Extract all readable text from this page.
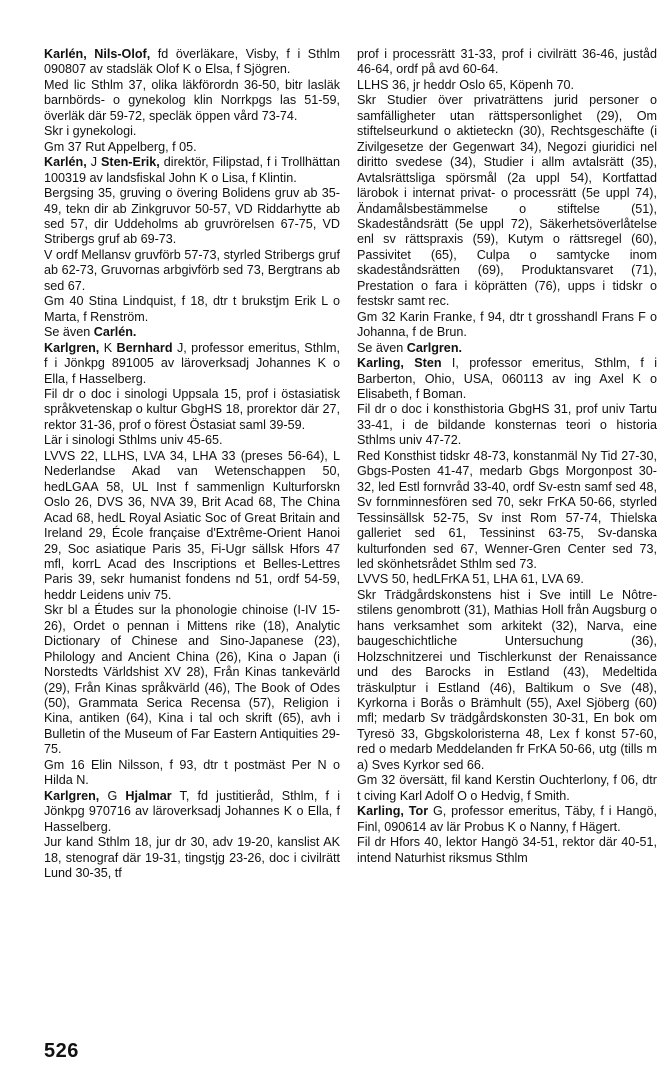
Karlén, Nils-Olof, fd överläkare, Visby, f i Sthlm 090807 av stadsläk Olof K o Elsa, f Sjögren.

Med lic Sthlm 37, olika läkförordn 36-50, bitr lasläk barnbörds- o gynekolog klin Norrkpgs las 51-59, överläk där 59-72, specläk öppen vård 73-74.

Skr i gynekologi.

Gm 37 Rut Appelberg, f 05.

Karlén, J Sten-Erik, direktör, Filipstad, f i Trollhättan 100319 av landsfiskal John K o Lisa, f Klintin.

Bergsing 35, gruving o övering Bolidens gruv ab 35-49, tekn dir ab Zinkgruvor 50-57, VD Riddarhyttе ab sed 57, dir Uddeholms ab gruvrörelsen 67-75, VD Stribergs gruf ab 69-73.

V ordf Mellansv gruvförb 57-73, styrled Stribergs gruf ab 62-73, Gruvornas arbgivförb sed 73, Bergtrans ab sed 67.

Gm 40 Stina Lindquist, f 18, dtr t brukstjm Erik L o Marta, f Renström.

Se även Carlén.

Karlgren, K Bernhard J, professor emeritus, Sthlm, f i Jönkpg 891005 av läroverksadj Johannes K o Ella, f Hasselberg.

Fil dr o doc i sinologi Uppsala 15, prof i östasiatisk språkvetenskap o kultur GbgHS 18, prorektor där 27, rektor 31-36, prof o förest Östasiat saml 39-59.

Lär i sinologi Sthlms univ 45-65.

LVVS 22, LLHS, LVA 34, LHA 33 (preses 56-64), L Nederlandse Akad van Wetenschappen 50, hedLGAA 58, UL Inst f sammenlign Kulturforskn Oslo 26, DVS 36, NVA 39, Brit Acad 68, The China Acad 68, hedL Royal Asiatic Soc of Great Britain and Ireland 29, École française d'Extrême-Orient Hanoi 29, Soc asiatique Paris 35, Fi-Ugr sällsk Hfors 47 mfl, korrL Acad des Inscriptions et Belles-Lettres Paris 39, sekr humanist fondens nd 51, ordf 54-59, heddr Leidens univ 75.

Skr bl a Études sur la phonologie chinoise (I-IV 15-26), Ordet o pennan i Mittens rike (18), Analytic Dictionary of Chinese and Sino-Japanese (23), Philology and Ancient China (26), Kina o Japan (i Norstedts Världshist XV 28), Från Kinas tankevärld (29), Från Kinas språkvärld (46), The Book of Odes (50), Grammata Serica Recensa (57), Religion i Kina, antiken (64), Kina i tal och skrift (65), avh i Bulletin of the Museum of Far Eastern Antiquities 29-75.

Gm 16 Elin Nilsson, f 93, dtr t postmäst Per N o Hilda N.

Karlgren, G Hjalmar T, fd justitieråd, Sthlm, f i Jönkpg 970716 av läroverksadj Johannes K o Ella, f Hasselberg.

Jur kand Sthlm 18, jur dr 30, adv 19-20, kanslist AK 18, stenograf där 19-31, tingstjg 23-26, doc i civilrätt Lund 30-35, tf

prof i processrätt 31-33, prof i civilrätt 36-46, juståd 46-64, ordf på avd 60-64.

LLHS 36, jr heddr Oslo 65, Köpenh 70.

Skr Studier över privaträttens jurid personer o samfälligheter utan rättspersonlighet (29), Om stiftelseurkund o aktieteckn (30), Rechtsgeschäfte (i Zivilgesetze der Gegenwart 34), Negozi giuridici nel diritto svedese (34), Studier i allm avtalsrätt (35), Avtalsrättsliga spörsmål (2a uppl 54), Kortfattad lärobok i internat privat- o processrätt (5e uppl 74), Ändamålsbestämmelse o stiftelse (51), Skadeståndsrätt (5e uppl 72), Säkerhetsöverlåtelse enl sv rättspraxis (59), Kutym o rättsregel (60), Passivitet (65), Culpa o samtycke inom skadeståndsrätten (69), Produktansvaret (71), Prestation o fara i köprätten (76), upps i tidskr o festskr samt rec.

Gm 32 Karin Franke, f 94, dtr t grosshandl Frans F o Johanna, f de Brun.

Se även Carlgren.

Karling, Sten I, professor emeritus, Sthlm, f i Barberton, Ohio, USA, 060113 av ing Axel K o Elisabeth, f Boman.

Fil dr o doc i konsthistoria GbgHS 31, prof univ Tartu 33-41, i de bildande konsternas teori o historia Sthlms univ 47-72.

Red Konsthist tidskr 48-73, konstanmäl Ny Tid 27-30, Gbgs-Posten 41-47, medarb Gbgs Morgonpost 30-32, led Estl fornvråd 33-40, ordf Sv-estn samf sed 48, Sv fornminnesfören sed 70, sekr FrKA 50-66, styrled Tessinsällsk 52-75, Sv inst Rom 57-74, Thielska galleriet sed 61, Tessininst 63-75, Sv-danska kulturfonden sed 67, Wenner-Gren Center sed 73, led skönhetsrådet Sthlm sed 73.

LVVS 50, hedLFrKA 51, LHA 61, LVA 69.

Skr Trädgårdskonstens hist i Sve intill Le Nôtre-stilens genombrott (31), Mathias Holl från Augsburg o hans verksamhet som arkitekt (32), Narva, eine baugeschichtliche Untersuchung (36), Holzschnitzerei und Tischlerkunst der Renaissance und des Barocks in Estland (43), Medeltida träskulptur i Estland (46), Baltikum o Sve (48), Kyrkorna i Borås o Brämhult (55), Axel Sjöberg (60) mfl; medarb Sv trädgårdskonsten 30-31, En bok om Tyresö 33, Gbgskoloristerna 48, Lex f konst 57-60, red o medarb Meddelanden fr FrKA 50-66, utg (tills m a) Sves Kyrkor sed 66.

Gm 32 översätt, fil kand Kerstin Ouchterlony, f 06, dtr t civing Karl Adolf O o Hedvig, f Smith.

Karling, Tor G, professor emeritus, Täby, f i Hangö, Finl, 090614 av lär Probus K o Nanny, f Hägert.

Fil dr Hfors 40, lektor Hangö 34-51, rektor där 40-51, intend Naturhist riksmus Sthlm

526
